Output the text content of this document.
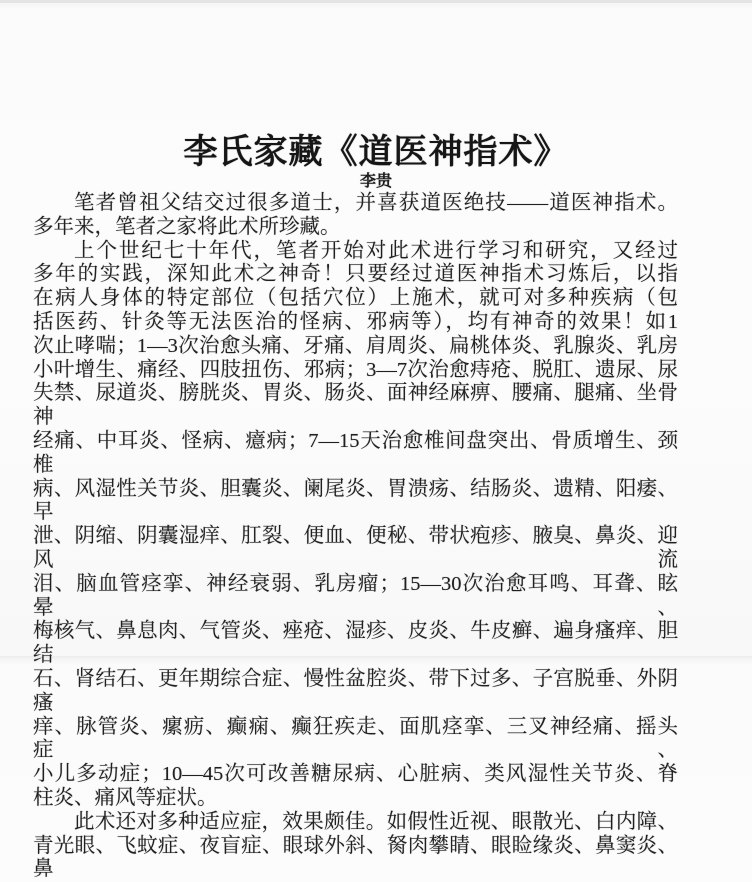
李氏家藏《道医神指术》
李贵
笔者曾祖父结交过很多道士，并喜获道医绝技——道医神指术。
多年来，笔者之家将此术所珍藏。
上个世纪七十年代，笔者开始对此术进行学习和研究，又经过
多年的实践，深知此术之神奇！只要经过道医神指术习炼后，以指
在病人身体的特定部位（包括穴位）上施术，就可对多种疾病（包
括医药、针灸等无法医治的怪病、邪病等），均有神奇的效果！如1
次止哮喘；1—3次治愈头痛、牙痛、肩周炎、扁桃体炎、乳腺炎、乳房
小叶增生、痛经、四肢扭伤、邪病；3—7次治愈痔疮、脱肛、遗尿、尿
失禁、尿道炎、膀胱炎、胃炎、肠炎、面神经麻痹、腰痛、腿痛、坐骨神
经痛、中耳炎、怪病、癔病；7—15天治愈椎间盘突出、骨质增生、颈椎
病、风湿性关节炎、胆囊炎、阑尾炎、胃溃疡、结肠炎、遗精、阳痿、早
泄、阴缩、阴囊湿痒、肛裂、便血、便秘、带状疱疹、腋臭、鼻炎、迎风流
泪、脑血管痉挛、神经衰弱、乳房瘤；15—30次治愈耳鸣、耳聋、眩晕、
梅核气、鼻息肉、气管炎、痤疮、湿疹、皮炎、牛皮癣、遍身瘙痒、胆结
石、肾结石、更年期综合症、慢性盆腔炎、带下过多、子宫脱垂、外阴瘙
痒、脉管炎、瘰疬、癫痫、癫狂疾走、面肌痉挛、三叉神经痛、摇头症、
小儿多动症；10—45次可改善糖尿病、心脏病、类风湿性关节炎、脊
柱炎、痛风等症状。
此术还对多种适应症，效果颇佳。如假性近视、眼散光、白内障、
青光眼、飞蚊症、夜盲症、眼球外斜、胬肉攀睛、眼睑缘炎、鼻窦炎、鼻
